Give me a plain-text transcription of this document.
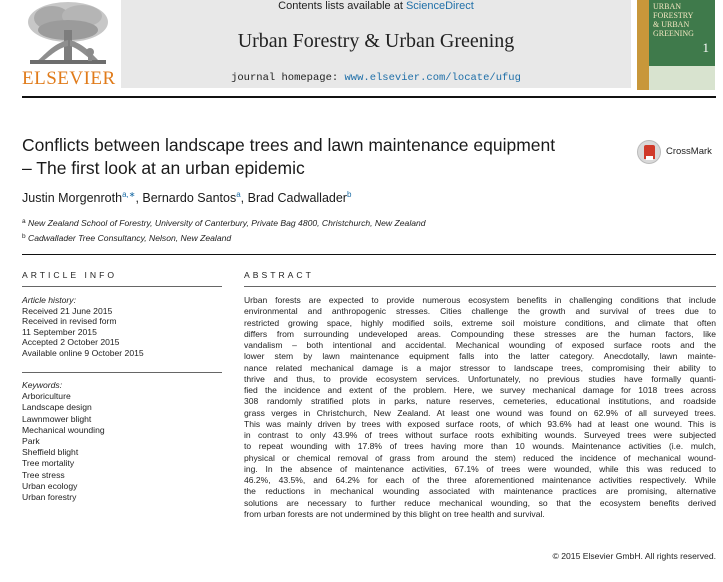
ELSEVIER
Contents lists available at ScienceDirect
Urban Forestry & Urban Greening
journal homepage: www.elsevier.com/locate/ufug
URBAN
FORESTRY
& URBAN
GREENING
1
Conflicts between landscape trees and lawn maintenance equipment
– The first look at an urban epidemic
CrossMark
Justin Morgenroth$^{a,∗}$, Bernardo Santos$^a$, Brad Cadwallader$^b$
$^a$ New Zealand School of Forestry, University of Canterbury, Private Bag 4800, Christchurch, New Zealand
$^b$ Cadwallader Tree Consultancy, Nelson, New Zealand
ARTICLE INFO
Article history:
Received 21 June 2015
Received in revised form
11 September 2015
Accepted 2 October 2015
Available online 9 October 2015
Keywords:
Arboriculture
Landscape design
Lawnmower blight
Mechanical wounding
Park
Sheffield blight
Tree mortality
Tree stress
Urban ecology
Urban forestry
ABSTRACT
Urban forests are expected to provide numerous ecosystem benefits in challenging conditions that include
environmental and anthropogenic stresses. Cities challenge the growth and survival of trees due to
restricted growing space, highly modified soils, extreme soil moisture conditions, and climate that often
differs from surrounding undeveloped areas. Compounding these stresses are the human factors, like
vandalism – both intentional and accidental. Mechanical wounding of exposed surface roots and the
lower stem by lawn maintenance equipment falls into the latter category. Anecdotally, lawn mainte-
nance related mechanical damage is a major stressor to landscape trees, compromising their ability to
thrive and thus, to provide ecosystem services. Unfortunately, no previous studies have formally quanti-
fied the incidence and extent of the problem. Here, we survey mechanical damage for 1018 trees across
308 randomly stratified plots in parks, nature reserves, cemeteries, educational institutions, and roadside
grass verges in Christchurch, New Zealand. At least one wound was found on 62.9% of all surveyed trees.
This was mainly driven by trees with exposed surface roots, of which 93.6% had at least one wound. This is
in contrast to only 43.9% of trees without surface roots exhibiting wounds. Surveyed trees were subjected
to repeat wounding with 17.8% of trees having more than 10 wounds. Maintenance activities (i.e. mulch,
physical or chemical removal of grass from around the stem) reduced the incidence of mechanical wound-
ing. In the absence of maintenance activities, 67.1% of trees were wounded, while this was reduced to
46.2%, 43.5%, and 64.2% for each of the three aforementioned maintenance activities respectively. While
the reductions in mechanical wounding associated with maintenance practices are promising, alternative
solutions are necessary to further reduce mechanical wounding, so that the ecosystem benefits derived
from urban forests are not undermined by this blight on tree health and survival.
© 2015 Elsevier GmbH. All rights reserved.
